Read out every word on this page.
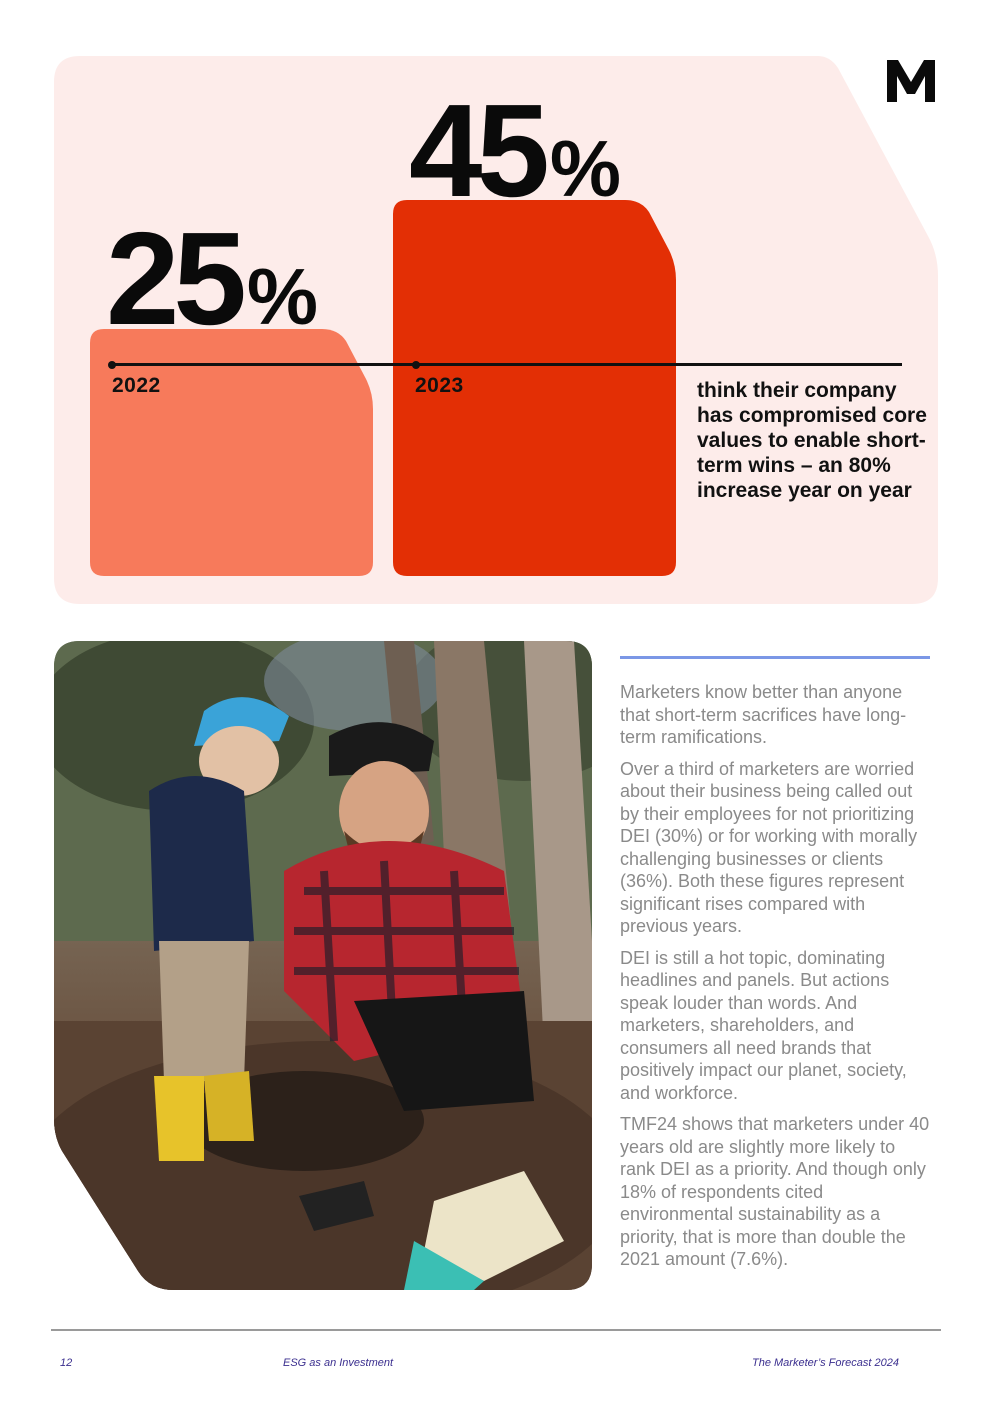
25%
45%
2022	2023	think their company has compromised core values to enable short-term wins – an 80% increase year on year

Marketers know better than anyone that short-term sacrifices have long-term ramifications.

Over a third of marketers are worried about their business being called out by their employees for not prioritizing DEI (30%) or for working with morally challenging businesses or clients (36%). Both these figures represent significant rises compared with previous years.

DEI is still a hot topic, dominating headlines and panels. But actions speak louder than words. And marketers, shareholders, and consumers all need brands that positively impact our planet, society, and workforce.

TMF24 shows that marketers under 40 years old are slightly more likely to rank DEI as a priority. And though only 18% of respondents cited environmental sustainability as a priority, that is more than double the 2021 amount (7.6%).

12	ESG as an Investment	The Marketer’s Forecast 2024
